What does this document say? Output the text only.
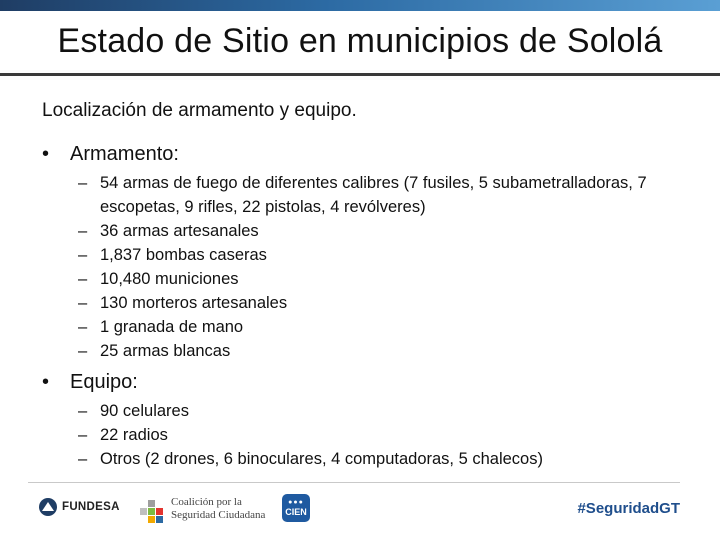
Estado de Sitio en municipios de Sololá
Localización de armamento y equipo.
•	Armamento:
– 54 armas de fuego de diferentes calibres (7 fusiles, 5 subametralladoras, 7 escopetas, 9 rifles, 22 pistolas, 4 revólveres)
– 36 armas artesanales
– 1,837 bombas caseras
– 10,480 municiones
– 130 morteros artesanales
– 1 granada de mano
– 25 armas blancas
•	Equipo:
– 90 celulares
– 22 radios
– Otros (2 drones, 6 binoculares, 4 computadoras, 5 chalecos)
FUNDESA	Coalición por la
Seguridad Ciudadana
●●●
CIEN	#SeguridadGT
